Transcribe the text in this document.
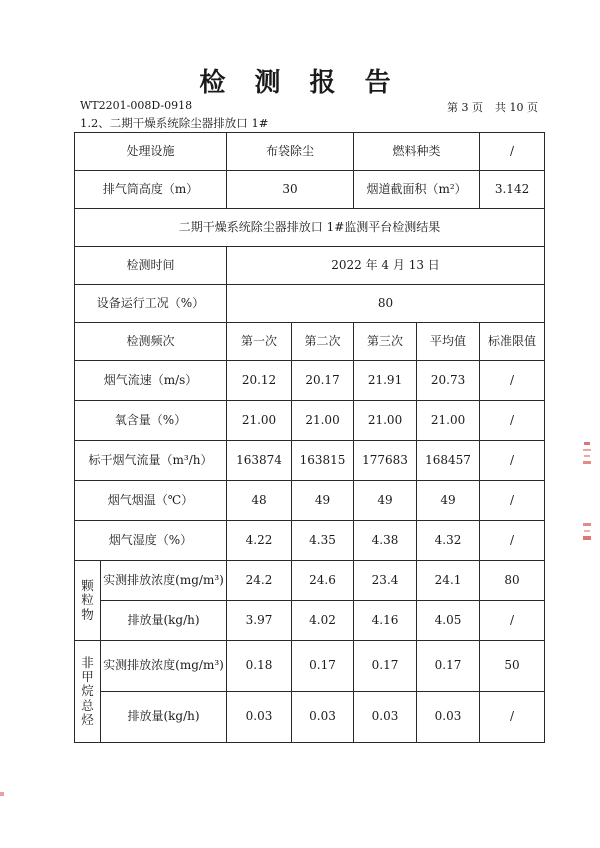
检 测 报 告
WT2201-008D-0918	第 3 页 共 10 页
1.2、二期干燥系统除尘器排放口 1#
处理设施		布袋除尘		燃料种类		/
排气筒高度（m）		30		烟道截面积（m²）		3.142
二期干燥系统除尘器排放口 1#监测平台检测结果						
检测时间		2022 年 4 月 13 日				
设备运行工况（%）		80				
检测频次		第一次	第二次	第三次	平均值	标准限值
烟气流速（m/s）		20.12	20.17	21.91	20.73	/
氧含量（%）		21.00	21.00	21.00	21.00	/
标干烟气流量（m³/h）		163874	163815	177683	168457	/
烟气烟温（℃）		48	49	49	49	/
烟气湿度（%）		4.22	4.35	4.38	4.32	/
颗
粒
物	实测排放浓度(mg/m³)	24.2	24.6	23.4	24.1	80
	排放量(kg/h)	3.97	4.02	4.16	4.05	/
非
甲
烷
总
烃	实测排放浓度(mg/m³)	0.18	0.17	0.17	0.17	50
	排放量(kg/h)	0.03	0.03	0.03	0.03	/
